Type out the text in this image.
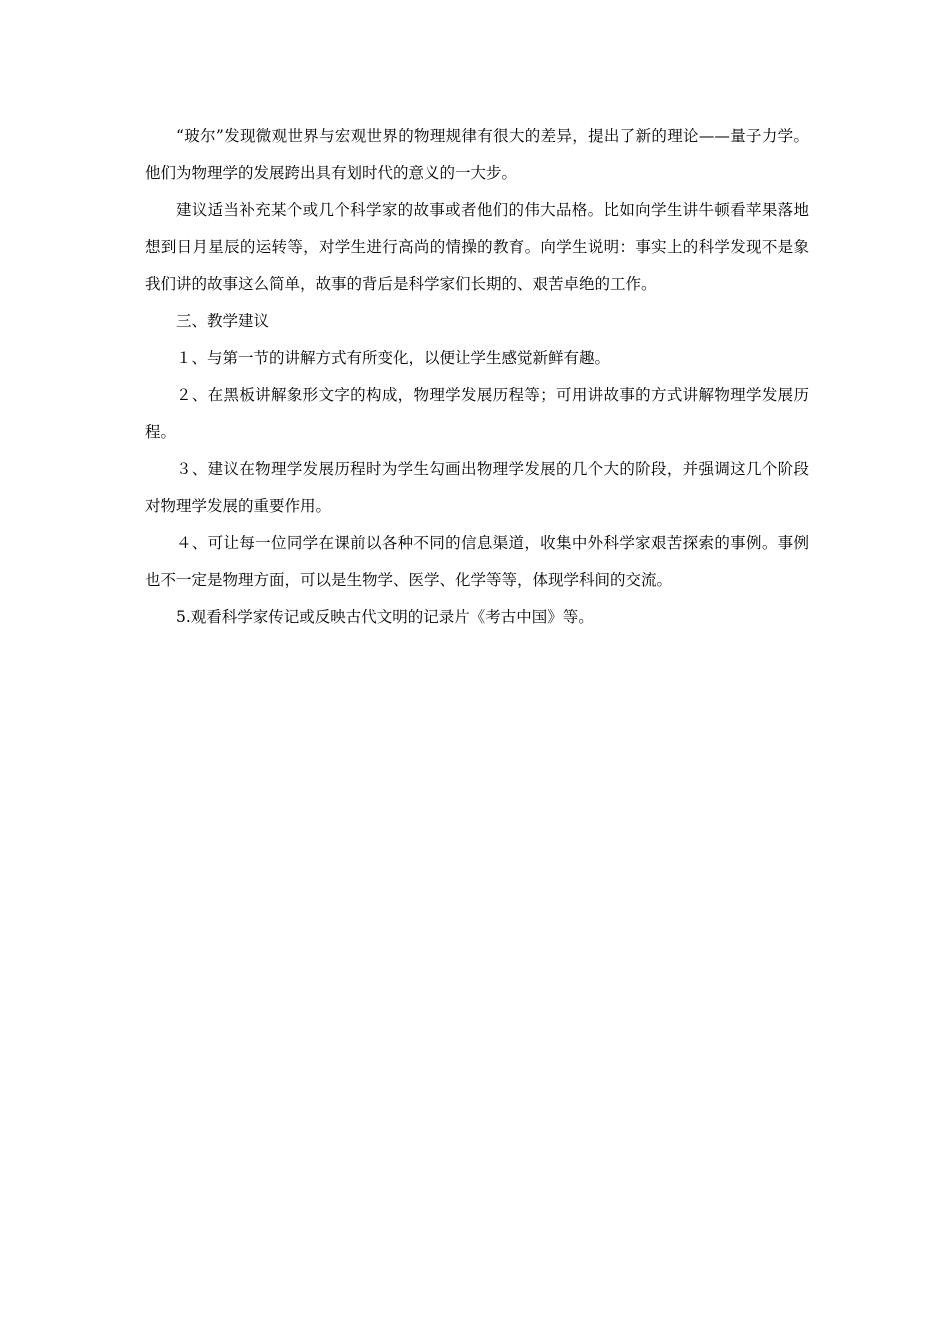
“玻尔”发现微观世界与宏观世界的物理规律有很大的差异，提出了新的理论——量子力学。他们为物理学的发展跨出具有划时代的意义的一大步。

建议适当补充某个或几个科学家的故事或者他们的伟大品格。比如向学生讲牛顿看苹果落地想到日月星辰的运转等，对学生进行高尚的情操的教育。向学生说明：事实上的科学发现不是象我们讲的故事这么简单，故事的背后是科学家们长期的、艰苦卓绝的工作。

三、教学建议

１、与第一节的讲解方式有所变化，以便让学生感觉新鲜有趣。

２、在黑板讲解象形文字的构成，物理学发展历程等；可用讲故事的方式讲解物理学发展历程。

３、建议在物理学发展历程时为学生勾画出物理学发展的几个大的阶段，并强调这几个阶段对物理学发展的重要作用。

４、可让每一位同学在课前以各种不同的信息渠道，收集中外科学家艰苦探索的事例。事例也不一定是物理方面，可以是生物学、医学、化学等等，体现学科间的交流。

5.观看科学家传记或反映古代文明的记录片《考古中国》等。
